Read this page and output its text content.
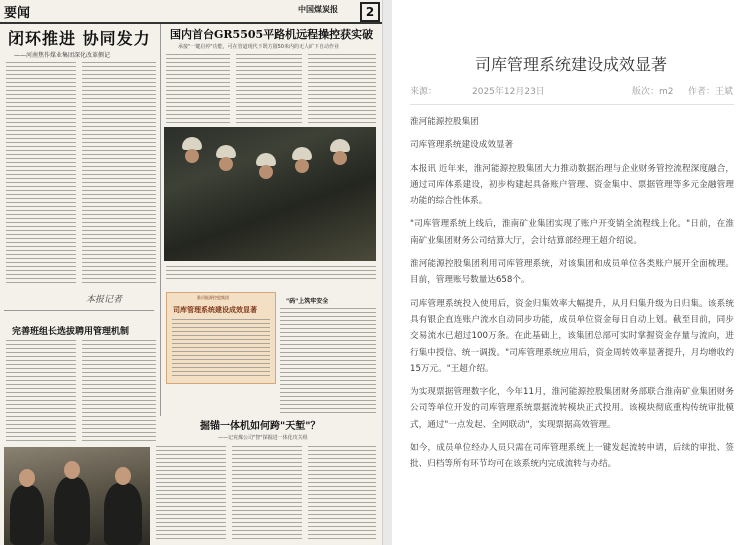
要闻	中国煤炭报	2
闭环推进 协同发力
——河南焦作煤业集团深化改革侧记
国内首台GR5505平路机远程操控获实破
承接"一键启停"功能，可在管道现代下既方圆50米内的无人矿下自动作业
本报记者
完善班组长选拔聘用管理机制
淮河能源控股集团
司库管理系统建设成效显著
"码"上筑牢安全
掘锚一体机如何跨"天堑"？
——记兖煤公司"智"探掘进一体化攻关组
司库管理系统建设成效显著
来源：	2025年12月23日	版次：m2 作者：王斌

淮河能源控股集团

司库管理系统建设成效显著

本报讯 近年来，淮河能源控股集团大力推动数据治理与企业财务管控流程深度融合，通过司库体系建设，初步构建起具备账户管理、资金集中、票据管理等多元金融管理功能的综合性体系。

"司库管理系统上线后，淮南矿业集团实现了账户开变销全流程线上化。"日前，在淮南矿业集团财务公司结算大厅，会计结算部经理王超介绍说。

淮河能源控股集团利用司库管理系统，对该集团和成员单位各类账户展开全面梳理。目前，管理账号数量达658个。

司库管理系统投入使用后，资金归集效率大幅提升，从月归集升级为日归集。该系统具有银企直连账户流水自动同步功能，成员单位资金每日自动上划。截至目前，同步交易流水已超过100万条。在此基础上，该集团总部可实时掌握资金存量与流向，进行集中授信、统一调拨。"司库管理系统应用后，资金周转效率显著提升，月均增收约15万元。"王超介绍。

为实现票据管理数字化，今年11月，淮河能源控股集团财务部联合淮南矿业集团财务公司等单位开发的司库管理系统票据流转模块正式投用。该模块彻底重构传统审批模式，通过"一点发起、全网联动"，实现票据高效管理。

如今，成员单位经办人员只需在司库管理系统上一键发起流转申请，后续的审批、签批、归档等所有环节均可在该系统内完成流转与办结。
